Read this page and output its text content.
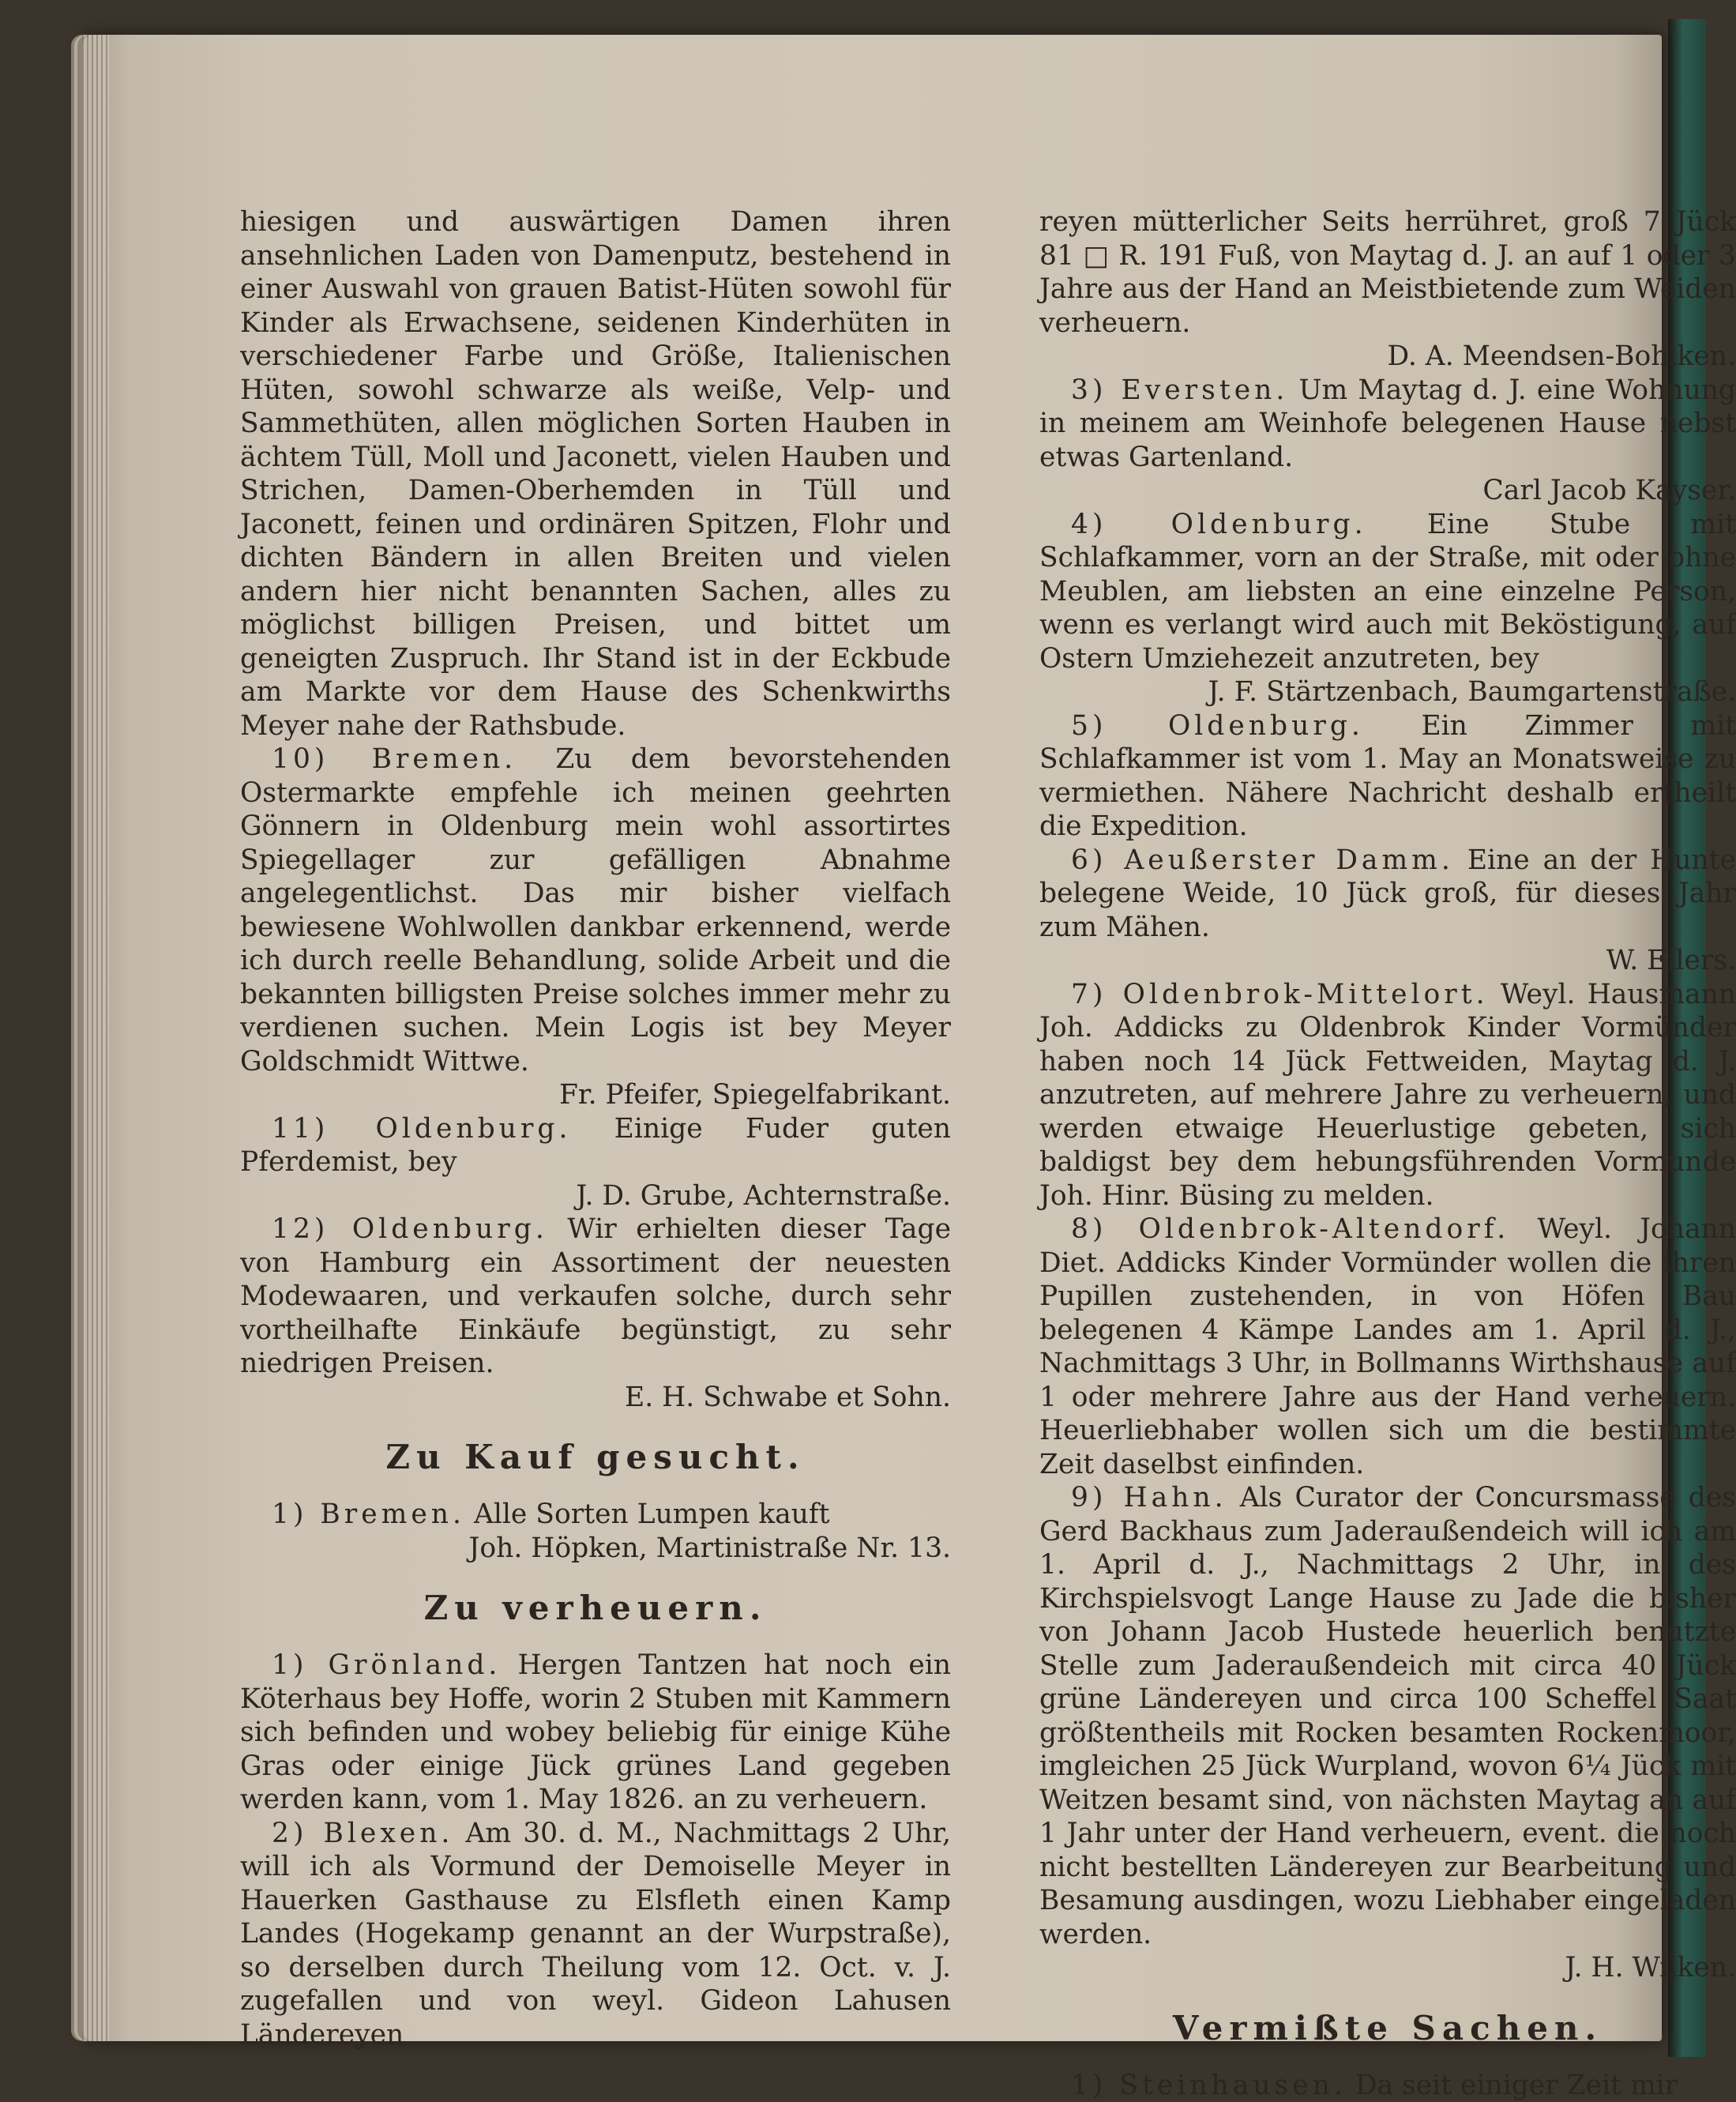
hiesigen und auswärtigen Damen ihren ansehnlichen Laden von Damenputz, bestehend in einer Auswahl von grauen Batist-Hüten sowohl für Kinder als Erwachsene, seidenen Kinderhüten in verschiedener Farbe und Größe, Italienischen Hüten, sowohl schwarze als weiße, Velp- und Sammethüten, allen möglichen Sorten Hauben in ächtem Tüll, Moll und Jaconett, vielen Hauben und Strichen, Damen-Oberhemden in Tüll und Jaconett, feinen und ordinären Spitzen, Flohr und dichten Bändern in allen Breiten und vielen andern hier nicht benannten Sachen, alles zu möglichst billigen Preisen, und bittet um geneigten Zuspruch. Ihr Stand ist in der Eckbude am Markte vor dem Hause des Schenkwirths Meyer nahe der Rathsbude.

10) Bremen. Zu dem bevorstehenden Ostermarkte empfehle ich meinen geehrten Gönnern in Oldenburg mein wohl assortirtes Spiegellager zur gefälligen Abnahme angelegentlichst. Das mir bisher vielfach bewiesene Wohlwollen dankbar erkennend, werde ich durch reelle Behandlung, solide Arbeit und die bekannten billigsten Preise solches immer mehr zu verdienen suchen. Mein Logis ist bey Meyer Goldschmidt Wittwe.

Fr. Pfeifer, Spiegelfabrikant.

11) Oldenburg. Einige Fuder guten Pferdemist, bey

J. D. Grube, Achternstraße.

12) Oldenburg. Wir erhielten dieser Tage von Hamburg ein Assortiment der neuesten Modewaaren, und verkaufen solche, durch sehr vortheilhafte Einkäufe begünstigt, zu sehr niedrigen Preisen.

E. H. Schwabe et Sohn.

Zu Kauf gesucht.

1) Bremen. Alle Sorten Lumpen kauft

Joh. Höpken, Martinistraße Nr. 13.

Zu verheuern.

1) Grönland. Hergen Tantzen hat noch ein Köterhaus bey Hoffe, worin 2 Stuben mit Kammern sich befinden und wobey beliebig für einige Kühe Gras oder einige Jück grünes Land gegeben werden kann, vom 1. May 1826. an zu verheuern.

2) Blexen. Am 30. d. M., Nachmittags 2 Uhr, will ich als Vormund der Demoiselle Meyer in Hauerken Gasthause zu Elsfleth einen Kamp Landes (Hogekamp genannt an der Wurpstraße), so derselben durch Theilung vom 12. Oct. v. J. zugefallen und von weyl. Gideon Lahusen Ländereyen

reyen mütterlicher Seits herrühret, groß 7 Jück 81 □ R. 191 Fuß, von Maytag d. J. an auf 1 oder 3 Jahre aus der Hand an Meistbietende zum Weiden verheuern.

D. A. Meendsen-Bohlken.

3) Eversten. Um Maytag d. J. eine Wohnung in meinem am Weinhofe belegenen Hause nebst etwas Gartenland.

Carl Jacob Kayser.

4) Oldenburg. Eine Stube mit Schlafkammer, vorn an der Straße, mit oder ohne Meublen, am liebsten an eine einzelne Person, wenn es verlangt wird auch mit Beköstigung, auf Ostern Umziehezeit anzutreten, bey

J. F. Stärtzenbach, Baumgartenstraße.

5) Oldenburg. Ein Zimmer mit Schlafkammer ist vom 1. May an Monatsweise zu vermiethen. Nähere Nachricht deshalb ertheilt die Expedition.

6) Aeußerster Damm. Eine an der Hunte belegene Weide, 10 Jück groß, für dieses Jahr zum Mähen.

W. Eilers.

7) Oldenbrok-Mittelort. Weyl. Hausmann Joh. Addicks zu Oldenbrok Kinder Vormünder haben noch 14 Jück Fettweiden, Maytag d. J. anzutreten, auf mehrere Jahre zu verheuern, und werden etwaige Heuerlustige gebeten, sich baldigst bey dem hebungsführenden Vormunde Joh. Hinr. Büsing zu melden.

8) Oldenbrok-Altendorf. Weyl. Johann Diet. Addicks Kinder Vormünder wollen die ihren Pupillen zustehenden, in von Höfen Bau belegenen 4 Kämpe Landes am 1. April d. J., Nachmittags 3 Uhr, in Bollmanns Wirthshause auf 1 oder mehrere Jahre aus der Hand verheuern. Heuerliebhaber wollen sich um die bestimmte Zeit daselbst einfinden.

9) Hahn. Als Curator der Concursmasse des Gerd Backhaus zum Jaderaußendeich will ich am 1. April d. J., Nachmittags 2 Uhr, in des Kirchspielsvogt Lange Hause zu Jade die bisher von Johann Jacob Hustede heuerlich benutzte Stelle zum Jaderaußendeich mit circa 40 Jück grüne Ländereyen und circa 100 Scheffel Saat größtentheils mit Rocken besamten Rockenmoor, imgleichen 25 Jück Wurpland, wovon 6¼ Jück mit Weitzen besamt sind, von nächsten Maytag an auf 1 Jahr unter der Hand verheuern, event. die noch nicht bestellten Ländereyen zur Bearbeitung und Besamung ausdingen, wozu Liebhaber eingeladen werden.

J. H. Wilken.

Vermißte Sachen.

1) Steinhausen. Da seit einiger Zeit mir
